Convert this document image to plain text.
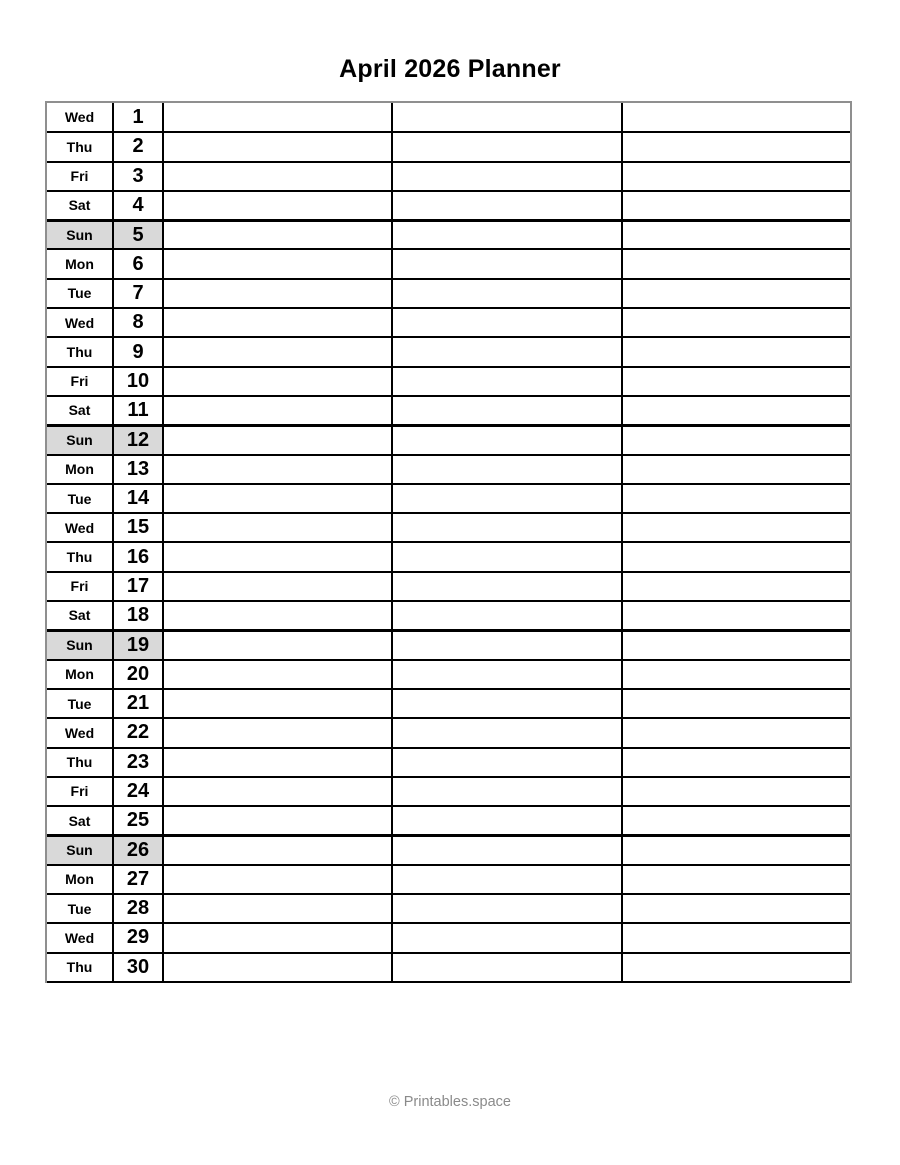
April 2026 Planner
Wed	1			
Thu	2			
Fri	3			
Sat	4			
Sun	5			
Mon	6			
Tue	7			
Wed	8			
Thu	9			
Fri	10			
Sat	11			
Sun	12			
Mon	13			
Tue	14			
Wed	15			
Thu	16			
Fri	17			
Sat	18			
Sun	19			
Mon	20			
Tue	21			
Wed	22			
Thu	23			
Fri	24			
Sat	25			
Sun	26			
Mon	27			
Tue	28			
Wed	29			
Thu	30			
© Printables.space
